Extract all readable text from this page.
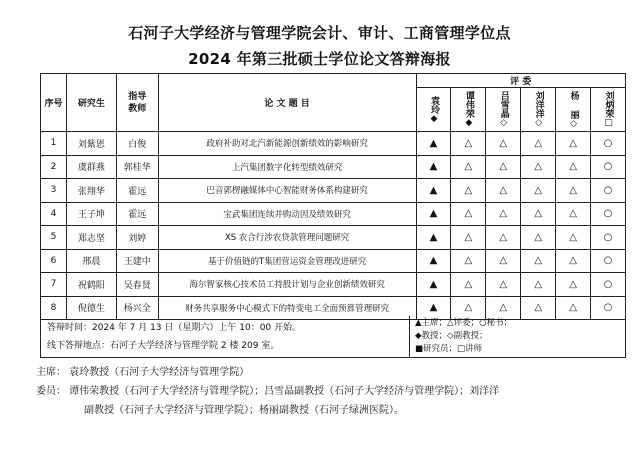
石河子大学经济与管理学院会计、审计、工商管理学位点
2024 年第三批硕士学位论文答辩海报
序号	研究生	指导教师	论 文 题 目	评 委					

				袁玲◆	谭伟荣◆	吕雪晶◇	刘洋洋◇	杨 丽◇	刘炳荣□

1	刘紫恩	白俊	政府补助对北汽新能源创新绩效的影响研究	▲	△	△	△	△	○
2	虞群燕	郭桂华	上汽集团数字化转型绩效研究	▲	△	△	△	△	○
3	张翔华	霍远	巴音郭楞融媒体中心智能财务体系构建研究	▲	△	△	△	△	○
4	王子坤	霍远	宝武集团连续并购动因及绩效研究	▲	△	△	△	△	○
5	郑志坚	刘婷	XS 农合行涉农贷款管理问题研究	▲	△	△	△	△	○
6	邢晨	王建中	基于价值链的T集团营运资金管理改进研究	▲	△	△	△	△	○
7	祝鹤阳	吴春贤	海尔智家核心技术员工持股计划与企业创新绩效研究	▲	△	△	△	△	○
8	倪德生	杨兴全	财务共享服务中心模式下的特变电工全面预算管理研究	▲	△	△	△	△	○
答辩时间：2024 年 7 月 13 日（星期六）上午 10：00 开始。
线下答辩地点：石河子大学经济与管理学院 2 楼 209 室。
▲主席；△评委；○秘书；
◆教授；◇副教授；
■研究员；□讲师
主席： 袁玲教授（石河子大学经济与管理学院）
委员： 谭伟荣教授（石河子大学经济与管理学院）；吕雪晶副教授（石河子大学经济与管理学院）；刘洋洋
副教授（石河子大学经济与管理学院）；杨丽副教授（石河子绿洲医院）。
